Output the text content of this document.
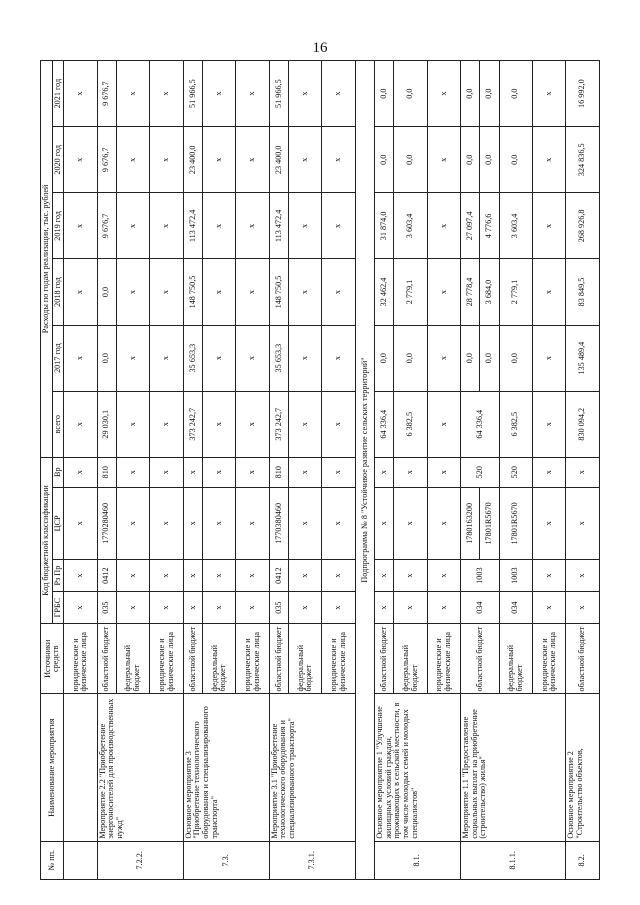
16
№ пп.	Наименование мероприятия	Источники средств	Код бюджетной классификации				Расходы по годам реализации, тыс. рублей					
			ГРБС	Рз Пр	ЦСР	Вр	всего	2017 год	2018 год	2019 год	2020 год	2021 год
		юридические и физические лица	х	х	х	х	х	х	х	х	х	х
7.2.2.	Мероприятие 2.2 "Приобретение энергоносителей для производственных нужд"	областной бюджет	035	0412	1770280460	810	29 030,1	0,0	0,0	9 676,7	9 676,7	9 676,7
		федеральный бюджет	х	х	х	х	х	х	х	х	х	х
		юридические и физические лица	х	х	х	х	х	х	х	х	х	х
7.3.	Основное мероприятие 3 "Приобретение технологического оборудования и специализированного транспорта"	областной бюджет	х	х	х	х	373 242,7	35 653,3	148 750,5	113 472,4	23 400,0	51 966,5
		федеральный бюджет	х	х	х	х	х	х	х	х	х	х
		юридические и физические лица	х	х	х	х	х	х	х	х	х	х
7.3.1.	Мероприятие 3.1 "Приобретение технологического оборудования и специализированного транспорта"	областной бюджет	035	0412	1770380460	810	373 242,7	35 653,3	148 750,5	113 472,4	23 400,0	51 966,5
		федеральный бюджет	х	х	х	х	х	х	х	х	х	х
		юридические и физические лица	х	х	х	х	х	х	х	х	х	х
Подпрограмма № 8 "Устойчивое развитие сельских территорий"												
8.1.	Основное мероприятие 1 "Улучшение жилищных условий граждан, проживающих в сельской местности, в том числе молодых семей и молодых специалистов"	областной бюджет	х	х	х	х	64 336,4	0,0	32 462,4	31 874,0	0,0	0,0
		федеральный бюджет	х	х	х	х	6 382,5	0,0	2 779,1	3 603,4	0,0	0,0
		юридические и физические лица	х	х	х	х	х	х	х	х	х	х
8.1.1.	Мероприятие 1.1 "Предоставление социальных выплат на приобретение (строительство) жилья"	областной бюджет	034	1003	1780163200	520	64 336,4	0,0	28 778,4	27 097,4	0,0	0,0
					17801R5670			0,0	3 684,0	4 776,6	0,0	0,0
		федеральный бюджет	034	1003	17801R5670	520	6 382,5	0,0	2 779,1	3 603,4	0,0	0,0
		юридические и физические лица	х	х	х	х	х	х	х	х	х	х
8.2.	Основное мероприятие 2 "Строительство объектов,	областной бюджет	х	х	х	х	830 094,2	135 489,4	83 849,5	268 926,8	324 836,5	16 992,0
